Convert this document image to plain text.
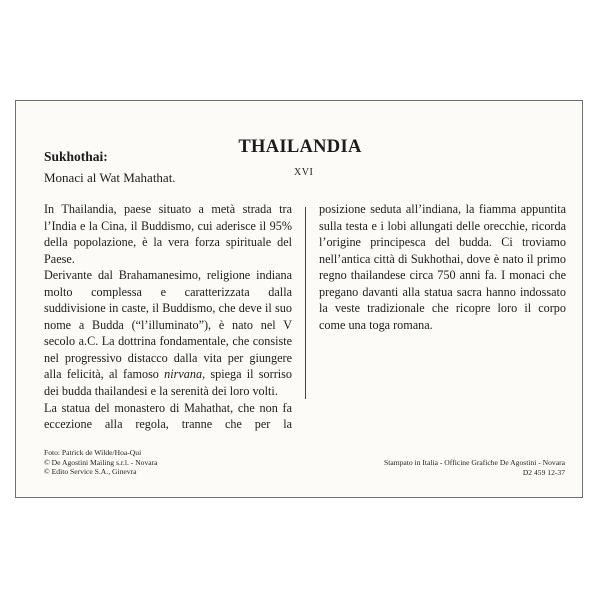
THAILANDIA
Sukhothai:
Monaci al Wat Mahathat.	XVI

In Thailandia, paese situato a metà strada tra l’India e la Cina, il Buddismo, cui aderisce il 95% della popolazione, è la vera forza spirituale del Paese.

Derivante dal Brahamanesimo, religione indiana molto complessa e caratterizzata dalla suddivisione in caste, il Buddismo, che deve il suo nome a Budda (“l’illuminato”), è nato nel V secolo a.C. La dottrina fondamentale, che consiste nel progressivo distacco dalla vita per giungere alla felicità, al famoso nirvana, spiega il sorriso dei budda thailandesi e la serenità dei loro volti.

La statua del monastero di Mahathat, che non fa eccezione alla regola, tranne che per la

posizione seduta all’indiana, la fiamma appuntita sulla testa e i lobi allungati delle orecchie, ricorda l’origine principesca del budda. Ci troviamo nell’antica città di Sukhothai, dove è nato il primo regno thailandese circa 750 anni fa. I monaci che pregano davanti alla statua sacra hanno indossato la veste tradizionale che ricopre loro il corpo come una toga romana.

Foto: Patrick de Wilde/Hoa-Qui
© De Agostini Mailing s.r.l. - Novara
© Edito Service S.A., Ginevra
Stampato in Italia - Officine Grafiche De Agostini - Novara
D2 459 12-37
